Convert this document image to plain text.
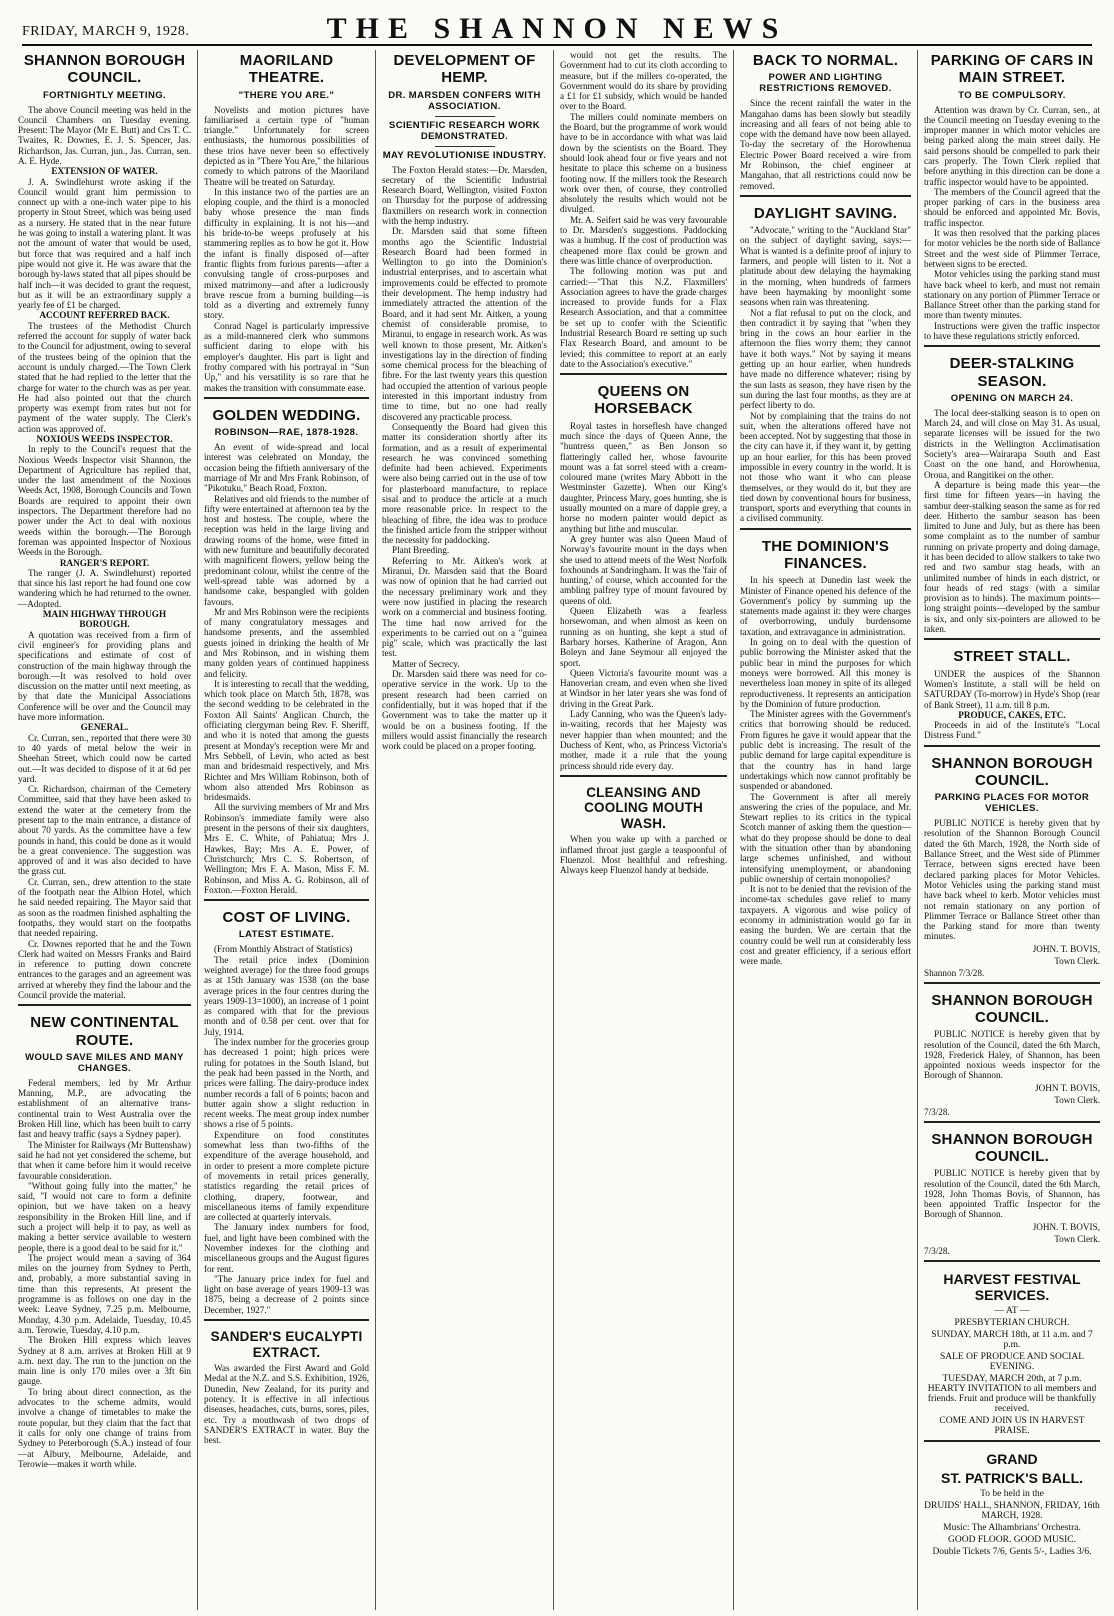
FRIDAY, MARCH 9, 1928.	THE SHANNON NEWS
SHANNON BOROUGH COUNCIL.
FORTNIGHTLY MEETING.

The above Council meeting was held in the Council Chambers on Tuesday evening. Present: The Mayor (Mr E. Butt) and Crs T. C. Twaites, R. Downes, E. J. S. Spencer, Jas. Richardson, Jas. Curran, jun., Jas. Curran, sen. A. E. Hyde.

EXTENSION OF WATER.

J. A. Swindlehurst wrote asking if the Council would grant him permission to connect up with a one-inch water pipe to his property in Stout Street, which was being used as a nursery. He stated that in the near future he was going to install a watering plant. It was not the amount of water that would be used, but force that was required and a half inch pipe would not give it. He was aware that the borough by-laws stated that all pipes should be half inch—it was decided to grant the request, but as it will be an extraordinary supply a yearly fee of £1 be charged.

ACCOUNT REFERRED BACK.

The trustees of the Methodist Church referred the account for supply of water back to the Council for adjustment, owing to several of the trustees being of the opinion that the account is unduly charged.—The Town Clerk stated that he had replied to the letter that the charge for water to the church was as per year. He had also pointed out that the church property was exempt from rates but not for payment of the water supply. The Clerk's action was approved of.

NOXIOUS WEEDS INSPECTOR.

In reply to the Council's request that the Noxious Weeds Inspector visit Shannon, the Department of Agriculture has replied that, under the last amendment of the Noxious Weeds Act, 1908, Borough Councils and Town Boards are required to appoint their own inspectors. The Department therefore had no power under the Act to deal with noxious weeds within the borough.—The Borough foreman was appointed Inspector of Noxious Weeds in the Borough.

RANGER'S REPORT.

The ranger (J. A. Swindlehurst) reported that since his last report he had found one cow wandering which he had returned to the owner.—Adopted.

MAIN HIGHWAY THROUGH BOROUGH.

A quotation was received from a firm of civil engineer's for providing plans and specifications and estimate of cost of construction of the main highway through the borough.—It was resolved to hold over discussion on the matter until next meeting, as by that date the Municipal Associations Conference will be over and the Council may have more information.

GENERAL.

Cr. Curran, sen., reported that there were 30 to 40 yards of metal below the weir in Sheehan Street, which could now be carted out.—It was decided to dispose of it at 6d per yard.

Cr. Richardson, chairman of the Cemetery Committee, said that they have been asked to extend the water at the cemetery from the present tap to the main entrance, a distance of about 70 yards. As the committee have a few pounds in hand, this could be done as it would be a great convenience. The suggestion was approved of and it was also decided to have the grass cut.

Cr. Curran, sen., drew attention to the state of the footpath near the Albion Hotel, which he said needed repairing. The Mayor said that as soon as the roadmen finished asphalting the footpaths, they would start on the footpaths that needed repairing.

Cr. Downes reported that he and the Town Clerk had waited on Messrs Franks and Baird in reference to putting down concrete entrances to the garages and an agreement was arrived at whereby they find the labour and the Council provide the material.

NEW CONTINENTAL ROUTE.
WOULD SAVE MILES AND MANY CHANGES.

Federal members, led by Mr Arthur Manning, M.P., are advocating the establishment of an alternative trans-continental train to West Australia over the Broken Hill line, which has been built to carry fast and heavy traffic (says a Sydney paper).

The Minister for Railways (Mr Buttenshaw) said he had not yet considered the scheme, but that when it came before him it would receive favourable consideration.

"Without going fully into the matter," he said, "I would not care to form a definite opinion, but we have taken on a heavy responsibility in the Broken Hill line, and if such a project will help it to pay, as well as making a better service available to western people, there is a good deal to be said for it."

The project would mean a saving of 364 miles on the journey from Sydney to Perth, and, probably, a more substantial saving in time than this represents. At present the programme is as follows on one day in the week: Leave Sydney, 7.25 p.m. Melbourne, Monday, 4.30 p.m. Adelaide, Tuesday, 10.45 a.m. Terowie, Tuesday, 4.10 p.m.

The Broken Hill express which leaves Sydney at 8 a.m. arrives at Broken Hill at 9 a.m. next day. The run to the junction on the main line is only 170 miles over a 3ft 6in gauge.

To bring about direct connection, as the advocates to the scheme admits, would involve a change of timetables to make the route popular, but they claim that the fact that it calls for only one change of trains from Sydney to Peterborough (S.A.) instead of four—at Albury, Melbourne, Adelaide, and Terowie—makes it worth while.

MAORILAND THEATRE.
"THERE YOU ARE."

Novelists and motion pictures have familiarised a certain type of "human triangle." Unfortunately for screen enthusiasts, the humorous possibilities of these trios have never been so effectively depicted as in "There You Are," the hilarious comedy to which patrons of the Maoriland Theatre will be treated on Saturday.

In this instance two of the parties are an eloping couple, and the third is a monocled baby whose presence the man finds difficulty in explaining. It is not his—and his bride-to-be weeps profusely at his stammering replies as to how he got it. How the infant is finally disposed of—after frantic flights from furious parents—after a convulsing tangle of cross-purposes and mixed matrimony—and after a ludicrously brave rescue from a burning building—is told as a diverting and extremely funny story.

Conrad Nagel is particularly impressive as a mild-mannered clerk who summons sufficient daring to elope with his employer's daughter. His part is light and frothy compared with his portrayal in "Sun Up," and his versatility is so rare that he makes the transition with consummate ease.

GOLDEN WEDDING.
ROBINSON—RAE, 1878-1928.

An event of wide-spread and local interest was celebrated on Monday, the occasion being the fiftieth anniversary of the marriage of Mr and Mrs Frank Robinson, of "Pikotuku," Beach Road, Foxton.

Relatives and old friends to the number of fifty were entertained at afternoon tea by the host and hostess. The couple, where the reception was held in the large living and drawing rooms of the home, were fitted in with new furniture and beautifully decorated with magnificent flowers, yellow being the predominant colour, whilst the centre of the well-spread table was adorned by a handsome cake, bespangled with golden favours.

Mr and Mrs Robinson were the recipients of many congratulatory messages and handsome presents, and the assembled guests joined in drinking the health of Mr and Mrs Robinson, and in wishing them many golden years of continued happiness and felicity.

It is interesting to recall that the wedding, which took place on March 5th, 1878, was the second wedding to be celebrated in the Foxton All Saints' Anglican Church, the officiating clergyman being Rev. F. Sheriff, and who it is noted that among the guests present at Monday's reception were Mr and Mrs Sebbell, of Levin, who acted as best man and bridesmaid respectively, and Mrs Richter and Mrs William Robinson, both of whom also attended Mrs Robinson as bridesmaids.

All the surviving members of Mr and Mrs Robinson's immediate family were also present in the persons of their six daughters, Mrs E. C. White, of Pahiatua; Mrs J. Hawkes, Bay; Mrs A. E. Power, of Christchurch; Mrs C. S. Robertson, of Wellington; Mrs F. A. Mason, Miss F. M. Robinson, and Miss A. G. Robinson, all of Foxton.—Foxton Herald.

COST OF LIVING.
LATEST ESTIMATE.

(From Monthly Abstract of Statistics)

The retail price index (Dominion weighted average) for the three food groups as at 15th January was 1538 (on the base average prices in the four centres during the years 1909-13=1000), an increase of 1 point as compared with that for the previous month and of 0.58 per cent. over that for July, 1914.

The index number for the groceries group has decreased 1 point; high prices were ruling for potatoes in the South Island, but the peak had been passed in the North, and prices were falling. The dairy-produce index number records a fall of 6 points; bacon and butter again show a slight reduction in recent weeks. The meat group index number shows a rise of 5 points.

Expenditure on food constitutes somewhat less than two-fifths of the expenditure of the average household, and in order to present a more complete picture of movements in retail prices generally, statistics regarding the retail prices of clothing, drapery, footwear, and miscellaneous items of family expenditure are collected at quarterly intervals.

The January index numbers for food, fuel, and light have been combined with the November indexes for the clothing and miscellaneous groups and the August figures for rent.

"The January price index for fuel and light on base average of years 1909-13 was 1875, being a decrease of 2 points since December, 1927."

SANDER'S EUCALYPTI EXTRACT.

Was awarded the First Award and Gold Medal at the N.Z. and S.S. Exhibition, 1926, Dunedin, New Zealand, for its purity and potency. It is effective in all infectious diseases, headaches, cuts, burns, sores, piles, etc. Try a mouthwash of two drops of SANDER'S EXTRACT in water. Buy the best.

DEVELOPMENT OF HEMP.
DR. MARSDEN CONFERS WITH ASSOCIATION.
SCIENTIFIC RESEARCH WORK DEMONSTRATED.
MAY REVOLUTIONISE INDUSTRY.

The Foxton Herald states:—Dr. Marsden, secretary of the Scientific Industrial Research Board, Wellington, visited Foxton on Thursday for the purpose of addressing flaxmillers on research work in connection with the hemp industry.

Dr. Marsden said that some fifteen months ago the Scientific Industrial Research Board had been formed in Wellington to go into the Dominion's industrial enterprises, and to ascertain what improvements could be effected to promote their development. The hemp industry had immediately attracted the attention of the Board, and it had sent Mr. Aitken, a young chemist of considerable promise, to Miranui, to engage in research work. As was well known to those present, Mr. Aitken's investigations lay in the direction of finding some chemical process for the bleaching of fibre. For the last twenty years this question had occupied the attention of various people interested in this important industry from time to time, but no one had really discovered any practicable process.

Consequently the Board had given this matter its consideration shortly after its formation, and as a result of experimental research he was convinced something definite had been achieved. Experiments were also being carried out in the use of tow for plasterboard manufacture, to replace sisal and to produce the article at a much more reasonable price. In respect to the bleaching of fibre, the idea was to produce the finished article from the stripper without the necessity for paddocking.

Plant Breeding.

Referring to Mr. Aitken's work at Miranui, Dr. Marsden said that the Board was now of opinion that he had carried out the necessary preliminary work and they were now justified in placing the research work on a commercial and business footing. The time had now arrived for the experiments to be carried out on a "guinea pig" scale, which was practically the last test.

Matter of Secrecy.

Dr. Marsden said there was need for co-operative service in the work. Up to the present research had been carried on confidentially, but it was hoped that if the Government was to take the matter up it would be on a business footing. If the millers would assist financially the research work could be placed on a proper footing.

would not get the results. The Government had to cut its cloth according to measure, but if the millers co-operated, the Government would do its share by providing a £1 for £1 subsidy, which would be handed over to the Board.

The millers could nominate members on the Board, but the programme of work would have to be in accordance with what was laid down by the scientists on the Board. They should look ahead four or five years and not hesitate to place this scheme on a business footing now. If the millers took the Research work over then, of course, they controlled absolutely the results which would not be divulged.

Mr. A. Seifert said he was very favourable to Dr. Marsden's suggestions. Paddocking was a humbug. If the cost of production was cheapened more flax could be grown and there was little chance of overproduction.

The following motion was put and carried:—"That this N.Z. Flaxmillers' Association agrees to have the grade charges increased to provide funds for a Flax Research Association, and that a committee be set up to confer with the Scientific Industrial Research Board re setting up such Flax Research Board, and amount to be levied; this committee to report at an early date to the Association's executive."

QUEENS ON HORSEBACK

Royal tastes in horseflesh have changed much since the days of Queen Anne, the "huntress queen," as Ben Jonson so flatteringly called her, whose favourite mount was a fat sorrel steed with a cream-coloured mane (writes Mary Abbott in the Westminster Gazette). When our King's daughter, Princess Mary, goes hunting, she is usually mounted on a mare of dapple grey, a horse no modern painter would depict as anything but lithe and muscular.

A grey hunter was also Queen Maud of Norway's favourite mount in the days when she used to attend meets of the West Norfolk foxhounds at Sandringham. It was the 'fair of hunting,' of course, which accounted for the ambling palfrey type of mount favoured by queens of old.

Queen Elizabeth was a fearless horsewoman, and when almost as keen on running as on hunting, she kept a stud of Barbary horses. Katherine of Aragon, Ann Boleyn and Jane Seymour all enjoyed the sport.

Queen Victoria's favourite mount was a Hanoverian cream, and even when she lived at Windsor in her later years she was fond of driving in the Great Park.

Lady Canning, who was the Queen's lady-in-waiting, records that her Majesty was never happier than when mounted; and the Duchess of Kent, who, as Princess Victoria's mother, made it a rule that the young princess should ride every day.

CLEANSING AND COOLING MOUTH WASH.

When you wake up with a parched or inflamed throat just gargle a teaspoonful of Fluenzol. Most healthful and refreshing. Always keep Fluenzol handy at bedside.

BACK TO NORMAL.
POWER AND LIGHTING RESTRICTIONS REMOVED.

Since the recent rainfall the water in the Mangahao dams has been slowly but steadily increasing and all fears of not being able to cope with the demand have now been allayed. To-day the secretary of the Horowhenua Electric Power Board received a wire from Mr Robinson, the chief engineer at Mangahao, that all restrictions could now be removed.

DAYLIGHT SAVING.

"Advocate," writing to the "Auckland Star" on the subject of daylight saving, says:—What is wanted is a definite proof of injury to farmers, and people will listen to it. Not a platitude about dew delaying the haymaking in the morning, when hundreds of farmers have been haymaking by moonlight some seasons when rain was threatening.

Not a flat refusal to put on the clock, and then contradict it by saying that "when they bring in the cows an hour earlier in the afternoon the flies worry them; they cannot have it both ways." Not by saying it means getting up an hour earlier, when hundreds have made no difference whatever; rising by the sun lasts as season, they have risen by the sun during the last four months, as they are at perfect liberty to do.

Not by complaining that the trains do not suit, when the alterations offered have not been accepted. Not by suggesting that those in the city can have it, if they want it, by getting up an hour earlier, for this has been proved impossible in every country in the world. It is not those who want it who can please themselves, or they would do it, but they are tied down by conventional hours for business, transport, sports and everything that counts in a civilised community.

THE DOMINION'S FINANCES.

In his speech at Dunedin last week the Minister of Finance opened his defence of the Government's policy by summing up the statements made against it: they were charges of overborrowing, unduly burdensome taxation, and extravagance in administration.

In going on to deal with the question of public borrowing the Minister asked that the public bear in mind the purposes for which moneys were borrowed. All this money is nevertheless loan money in spite of its alleged reproductiveness. It represents an anticipation by the Dominion of future production.

The Minister agrees with the Government's critics that borrowing should be reduced. From figures he gave it would appear that the public debt is increasing. The result of the public demand for large capital expenditure is that the country has in hand large undertakings which now cannot profitably be suspended or abandoned.

The Government is after all merely answering the cries of the populace, and Mr. Stewart replies to its critics in the typical Scotch manner of asking them the question—what do they propose should be done to deal with the situation other than by abandoning large schemes unfinished, and without intensifying unemployment, or abandoning public ownership of certain monopolies?

It is not to be denied that the revision of the income-tax schedules gave relief to many taxpayers. A vigorous and wise policy of economy in administration would go far in easing the burden. We are certain that the country could be well run at considerably less cost and greater efficiency, if a serious effort were made.

PARKING OF CARS IN MAIN STREET.
TO BE COMPULSORY.

Attention was drawn by Cr. Curran, sen., at the Council meeting on Tuesday evening to the improper manner in which motor vehicles are being parked along the main street daily. He said persons should be compelled to park their cars properly. The Town Clerk replied that before anything in this direction can be done a traffic inspector would have to be appointed.

The members of the Council agreed that the proper parking of cars in the business area should be enforced and appointed Mr. Bovis, traffic inspector.

It was then resolved that the parking places for motor vehicles be the north side of Ballance Street and the west side of Plimmer Terrace, between signs to be erected.

Motor vehicles using the parking stand must have back wheel to kerb, and must not remain stationary on any portion of Plimmer Terrace or Ballance Street other than the parking stand for more than twenty minutes.

Instructions were given the traffic inspector to have these regulations strictly enforced.

DEER-STALKING SEASON.
OPENING ON MARCH 24.

The local deer-stalking season is to open on March 24, and will close on May 31. As usual, separate licenses will be issued for the two districts in the Wellington Acclimatisation Society's area—Wairarapa South and East Coast on the one hand, and Horowhenua, Oroua, and Rangitikei on the other.

A departure is being made this year—the first time for fifteen years—in having the sambur deer-stalking season the same as for red deer. Hitherto the sambur season has been limited to June and July, but as there has been some complaint as to the number of sambur running on private property and doing damage, it has been decided to allow stalkers to take two red and two sambur stag heads, with an unlimited number of hinds in each district, or four heads of red stags (with a similar provision as to hinds). The maximum points—long straight points—developed by the sambur is six, and only six-pointers are allowed to be taken.

STREET STALL.

UNDER the auspices of the Shannon Women's Institute, a stall will be held on SATURDAY (To-morrow) in Hyde's Shop (rear of Bank Street), 11 a.m. till 8 p.m.

PRODUCE, CAKES, ETC.

Proceeds in aid of the Institute's "Local Distress Fund."

SHANNON BOROUGH COUNCIL.
PARKING PLACES FOR MOTOR VEHICLES.

PUBLIC NOTICE is hereby given that by resolution of the Shannon Borough Council dated the 6th March, 1928, the North side of Ballance Street, and the West side of Plimmer Terrace, between signs erected have been declared parking places for Motor Vehicles. Motor Vehicles using the parking stand must have back wheel to kerb. Motor vehicles must not remain stationary on any portion of Plimmer Terrace or Ballance Street other than the Parking stand for more than twenty minutes.

JOHN. T. BOVIS,
Town Clerk.
Shannon 7/3/28.
SHANNON BOROUGH COUNCIL.

PUBLIC NOTICE is hereby given that by resolution of the Council, dated the 6th March, 1928, Frederick Haley, of Shannon, has been appointed noxious weeds inspector for the Borough of Shannon.

JOHN T. BOVIS,
Town Clerk.
7/3/28.
SHANNON BOROUGH COUNCIL.

PUBLIC NOTICE is hereby given that by resolution of the Council, dated the 6th March, 1928, John Thomas Bovis, of Shannon, has been appointed Traffic Inspector for the Borough of Shannon.

JOHN. T. BOVIS,
Town Clerk.
7/3/28.
HARVEST FESTIVAL SERVICES.
— AT —
PRESBYTERIAN CHURCH.
SUNDAY, MARCH 18th, at 11 a.m. and 7 p.m.
SALE OF PRODUCE AND SOCIAL EVENING.
TUESDAY, MARCH 20th, at 7 p.m. HEARTY INVITATION to all members and friends. Fruit and produce will be thankfully received.
COME AND JOIN US IN HARVEST PRAISE.
GRAND
ST. PATRICK'S BALL.
To be held in the
DRUIDS' HALL, SHANNON, FRIDAY, 16th MARCH, 1928.
Music: The Alhambrians' Orchestra.
GOOD FLOOR. GOOD MUSIC.
Double Tickets 7/6, Gents 5/-, Ladies 3/6.
